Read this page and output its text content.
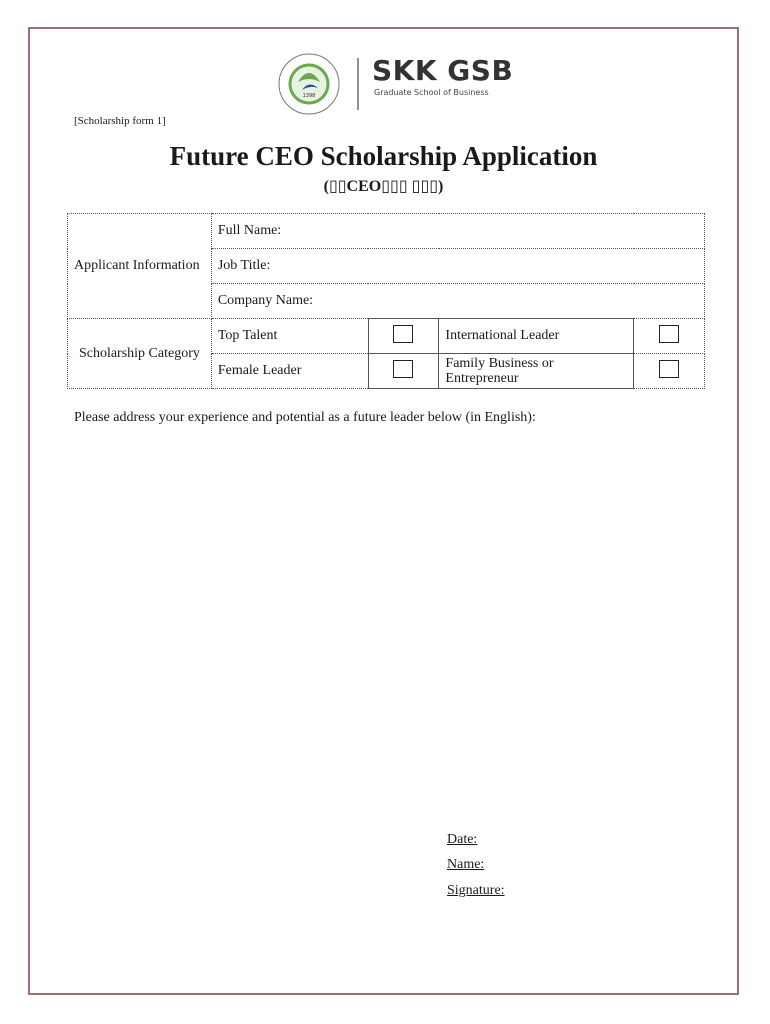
1398
SKK GSB
Graduate School of Business
[Scholarship form 1]
Future CEO Scholarship Application
(▯▯CEO▯▯▯ ▯▯▯)
Applicant Information	Full Name:			
	Job Title:			
	Company Name:			
Scholarship Category	Top Talent		International Leader	
	Female Leader		Family Business or Entrepreneur	
Please address your experience and potential as a future leader below (in English):
Date:
Name:
Signature:
